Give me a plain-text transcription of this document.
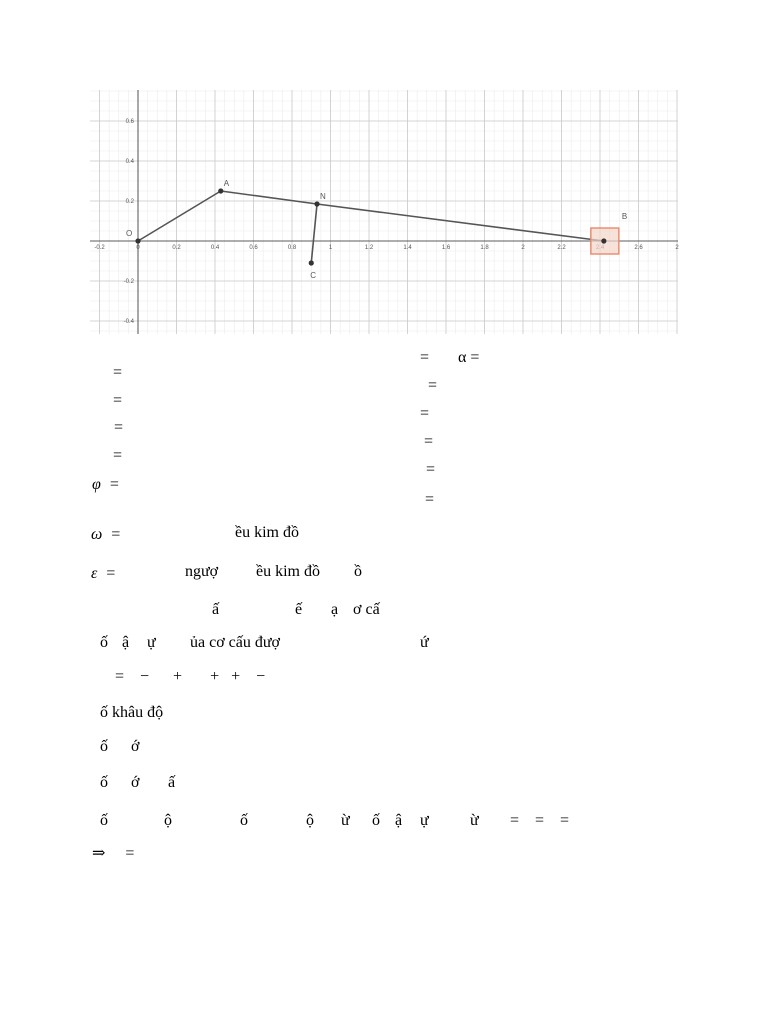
-0.2	0	0.2	0.4	0.6	0.8	1	1.2	1.4	1.6	1.8	2	2.2	2.6	2
0.6
0.4
0.2
-0.2
-0.4
O
A
N
C
B
= α =
=
=
=
=
=
=
=
=
=
φ  =
ω  =	ều kim đồ
ε  =	ngượ ều kim đồ ồ
ấ	ế ạ ơ cấ
ố ậ ự ủa cơ cấu đượ	ứ
=    −      +       +   +    −
ố khâu độ
ố ớ
ố ớ ấ
ố	ộ	ố	ộ ừ ố ậ ự	ừ =    =    =
⇒     =
